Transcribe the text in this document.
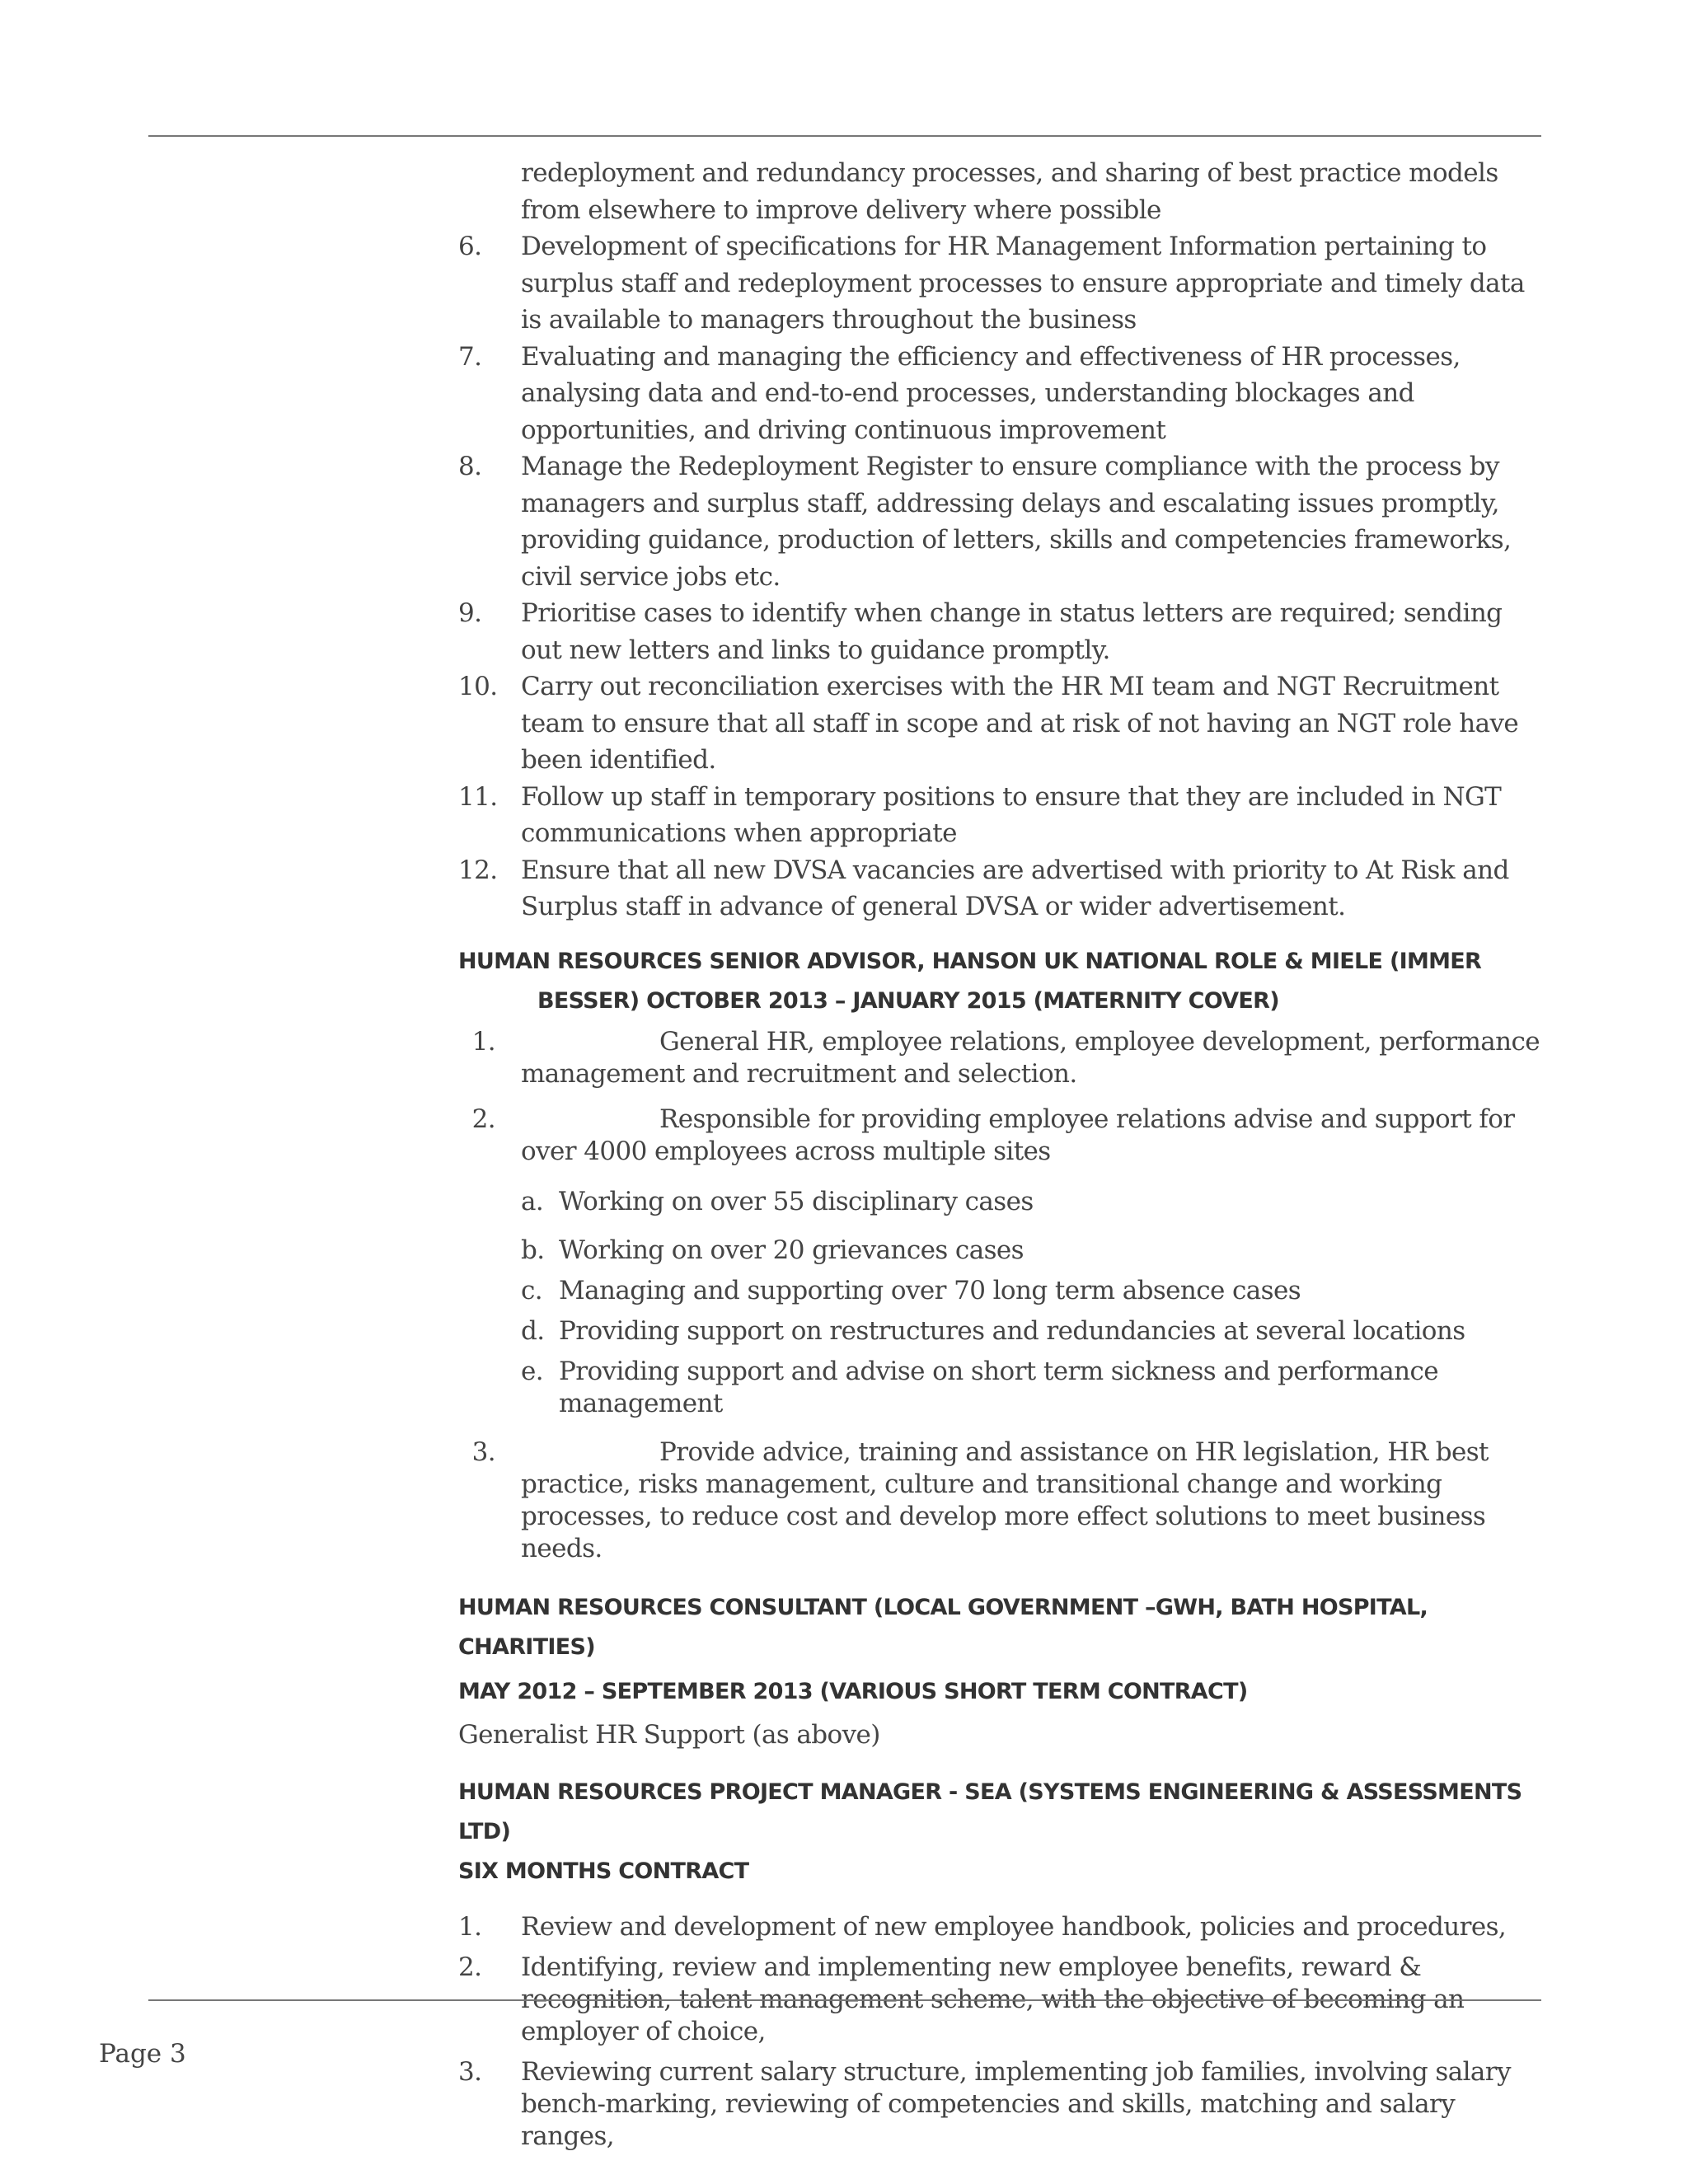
redeployment and redundancy processes, and sharing of best practice models from elsewhere to improve delivery where possible
6.	Development of specifications for HR Management Information pertaining to surplus staff and redeployment processes to ensure appropriate and timely data is available to managers throughout the business
7.	Evaluating and managing the efficiency and effectiveness of HR processes, analysing data and end-to-end processes, understanding blockages and opportunities, and driving continuous improvement
8.	Manage the Redeployment Register to ensure compliance with the process by managers and surplus staff, addressing delays and escalating issues promptly, providing guidance, production of letters, skills and competencies frameworks, civil service jobs etc.
9.	Prioritise cases to identify when change in status letters are required; sending out new letters and links to guidance promptly.
10. Carry out reconciliation exercises with the HR MI team and NGT Recruitment team to ensure that all staff in scope and at risk of not having an NGT role have been identified.
11. Follow up staff in temporary positions to ensure that they are included in NGT communications when appropriate
12. Ensure that all new DVSA vacancies are advertised with priority to At Risk and Surplus staff in advance of general DVSA or wider advertisement.
HUMAN RESOURCES SENIOR ADVISOR, HANSON UK NATIONAL ROLE & MIELE (IMMER
BESSER) OCTOBER 2013 – JANUARY 2015 (MATERNITY COVER)
1.	General HR, employee relations, employee development, performance management and recruitment and selection.
2.	Responsible for providing employee relations advise and support for over 4000 employees across multiple sites
a. Working on over 55 disciplinary cases
b. Working on over 20 grievances cases
c. Managing and supporting over 70 long term absence cases
d. Providing support on restructures and redundancies at several locations
e. Providing support and advise on short term sickness and performance management
3.	Provide advice, training and assistance on HR legislation, HR best practice, risks management, culture and transitional change and working processes, to reduce cost and develop more effect solutions to meet business needs.
HUMAN RESOURCES CONSULTANT (LOCAL GOVERNMENT –GWH, BATH HOSPITAL, CHARITIES)
MAY 2012 – SEPTEMBER 2013 (VARIOUS SHORT TERM CONTRACT)
Generalist HR Support (as above)
HUMAN RESOURCES PROJECT MANAGER - SEA (SYSTEMS ENGINEERING & ASSESSMENTS LTD)
SIX MONTHS CONTRACT
1. Review and development of new employee handbook, policies and procedures,
2. Identifying, review and implementing new employee benefits, reward & recognition, talent management scheme, with the objective of becoming an employer of choice,
3. Reviewing current salary structure, implementing job families, involving salary bench-marking, reviewing of competencies and skills, matching and salary ranges,
Page 3
